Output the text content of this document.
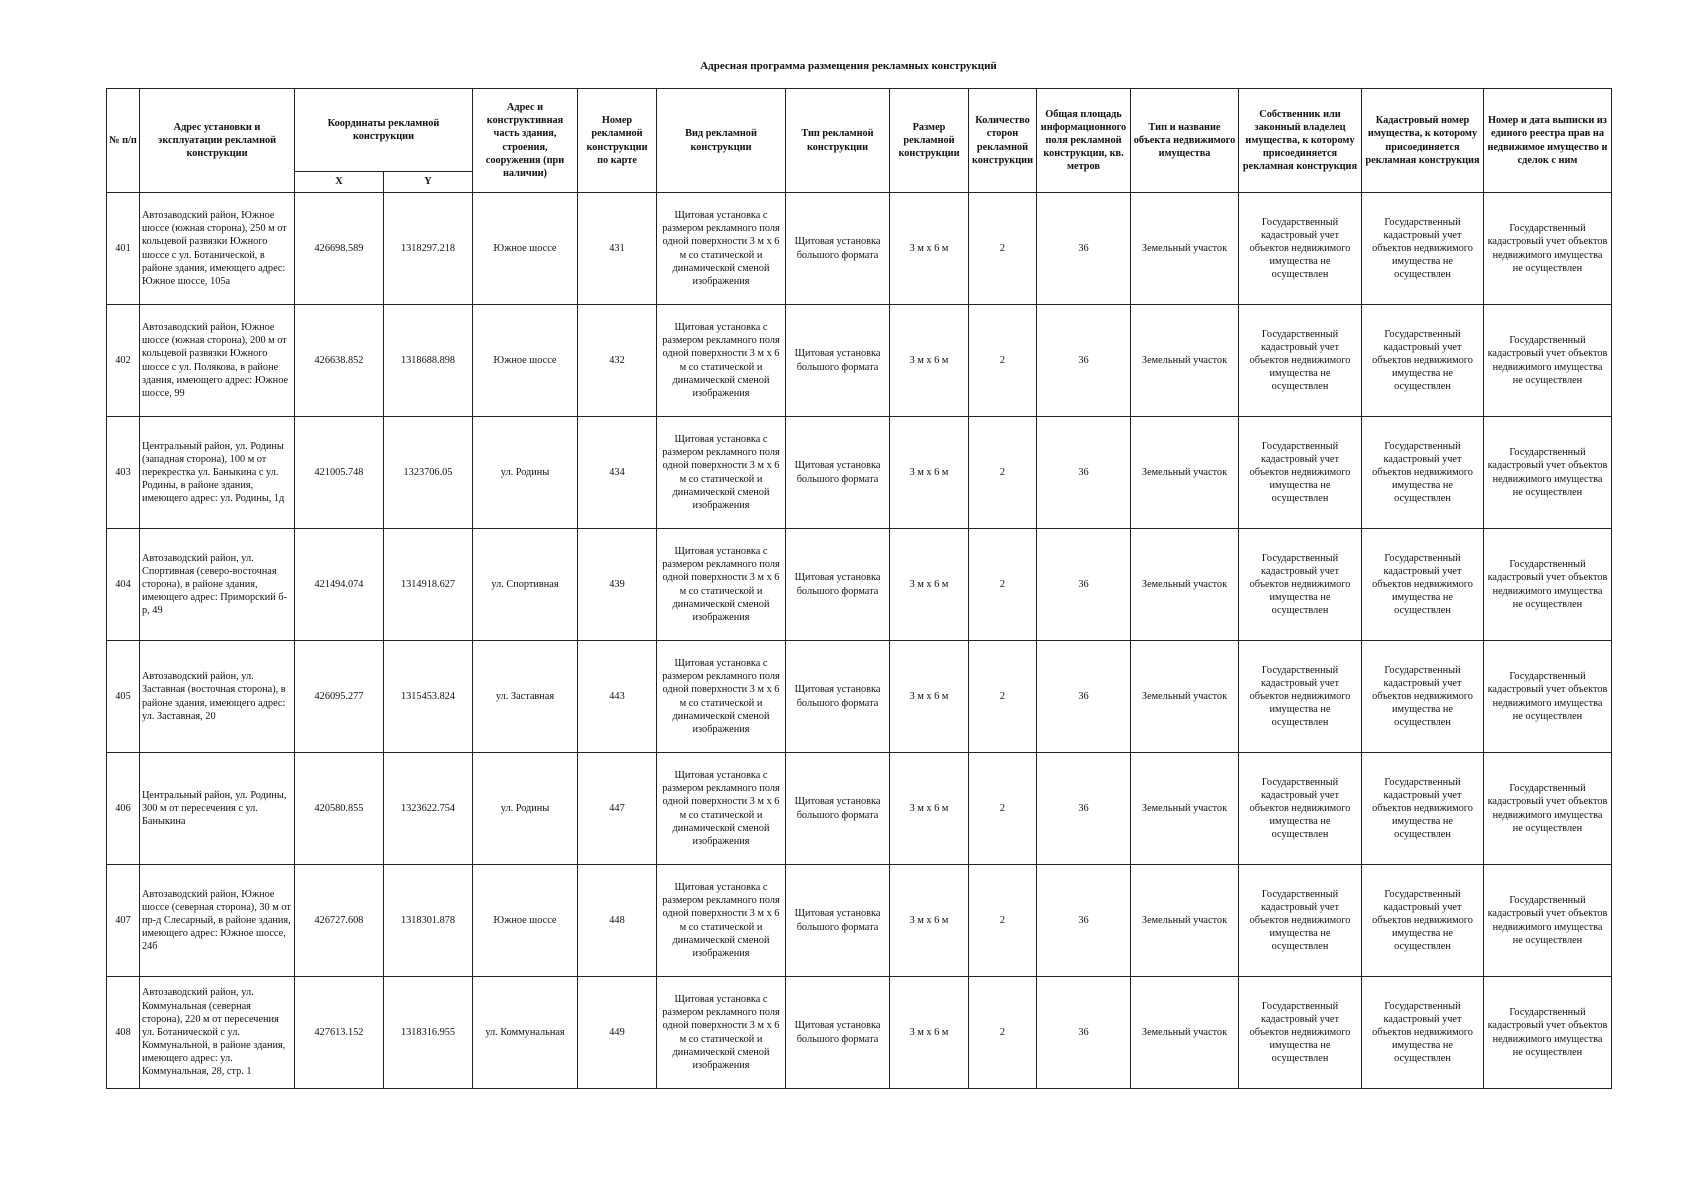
Адресная программа размещения рекламных конструкций
№ п/п	Адрес установки и эксплуатации рекламной конструкции	Координаты рекламной конструкции		Адрес и конструктивная часть здания, строения, сооружения (при наличии)	Номер рекламной конструкции по карте	Вид рекламной конструкции	Тип рекламной конструкции	Размер рекламной конструкции	Количество сторон рекламной конструкции	Общая площадь информационного поля рекламной конструкции, кв. метров	Тип и название объекта недвижимого имущества	Собственник или законный владелец имущества, к которому присоединяется рекламная конструкция	Кадастровый номер имущества, к которому присоединяется рекламная конструкция	Номер и дата выписки из единого реестра прав на недвижимое имущество и сделок с ним
		X	Y											
401	Автозаводский район, Южное шоссе (южная сторона), 250 м от кольцевой развязки Южного шоссе с ул. Ботанической, в районе здания, имеющего адрес: Южное шоссе, 105а	426698.589	1318297.218	Южное шоссе	431	Щитовая установка с размером рекламного поля одной поверхности 3 м х 6 м со статической и динамической сменой изображения	Щитовая установка большого формата	3 м х 6 м	2	36	Земельный участок	Государственный кадастровый учет объектов недвижимого имущества не осуществлен	Государственный кадастровый учет объектов недвижимого имущества не осуществлен	Государственный кадастровый учет объектов недвижимого имущества не осуществлен
402	Автозаводский район, Южное шоссе (южная сторона), 200 м от кольцевой развязки Южного шоссе с ул. Полякова, в районе здания, имеющего адрес: Южное шоссе, 99	426638.852	1318688.898	Южное шоссе	432	Щитовая установка с размером рекламного поля одной поверхности 3 м х 6 м со статической и динамической сменой изображения	Щитовая установка большого формата	3 м х 6 м	2	36	Земельный участок	Государственный кадастровый учет объектов недвижимого имущества не осуществлен	Государственный кадастровый учет объектов недвижимого имущества не осуществлен	Государственный кадастровый учет объектов недвижимого имущества не осуществлен
403	Центральный район, ул. Родины (западная сторона), 100 м от перекрестка ул. Баныкина с ул. Родины, в районе здания, имеющего адрес: ул. Родины, 1д	421005.748	1323706.05	ул. Родины	434	Щитовая установка с размером рекламного поля одной поверхности 3 м х 6 м со статической и динамической сменой изображения	Щитовая установка большого формата	3 м х 6 м	2	36	Земельный участок	Государственный кадастровый учет объектов недвижимого имущества не осуществлен	Государственный кадастровый учет объектов недвижимого имущества не осуществлен	Государственный кадастровый учет объектов недвижимого имущества не осуществлен
404	Автозаводский район, ул. Спортивная (северо-восточная сторона), в районе здания, имеющего адрес: Приморский б-р, 49	421494.074	1314918.627	ул. Спортивная	439	Щитовая установка с размером рекламного поля одной поверхности 3 м х 6 м со статической и динамической сменой изображения	Щитовая установка большого формата	3 м х 6 м	2	36	Земельный участок	Государственный кадастровый учет объектов недвижимого имущества не осуществлен	Государственный кадастровый учет объектов недвижимого имущества не осуществлен	Государственный кадастровый учет объектов недвижимого имущества не осуществлен
405	Автозаводский район, ул. Заставная (восточная сторона), в районе здания, имеющего адрес: ул. Заставная, 20	426095.277	1315453.824	ул. Заставная	443	Щитовая установка с размером рекламного поля одной поверхности 3 м х 6 м со статической и динамической сменой изображения	Щитовая установка большого формата	3 м х 6 м	2	36	Земельный участок	Государственный кадастровый учет объектов недвижимого имущества не осуществлен	Государственный кадастровый учет объектов недвижимого имущества не осуществлен	Государственный кадастровый учет объектов недвижимого имущества не осуществлен
406	Центральный район, ул. Родины, 300 м от пересечения с ул. Баныкина	420580.855	1323622.754	ул. Родины	447	Щитовая установка с размером рекламного поля одной поверхности 3 м х 6 м со статической и динамической сменой изображения	Щитовая установка большого формата	3 м х 6 м	2	36	Земельный участок	Государственный кадастровый учет объектов недвижимого имущества не осуществлен	Государственный кадастровый учет объектов недвижимого имущества не осуществлен	Государственный кадастровый учет объектов недвижимого имущества не осуществлен
407	Автозаводский район, Южное шоссе (северная сторона), 30 м от пр-д Слесарный, в районе здания, имеющего адрес: Южное шоссе, 24б	426727.608	1318301.878	Южное шоссе	448	Щитовая установка с размером рекламного поля одной поверхности 3 м х 6 м со статической и динамической сменой изображения	Щитовая установка большого формата	3 м х 6 м	2	36	Земельный участок	Государственный кадастровый учет объектов недвижимого имущества не осуществлен	Государственный кадастровый учет объектов недвижимого имущества не осуществлен	Государственный кадастровый учет объектов недвижимого имущества не осуществлен
408	Автозаводский район, ул. Коммунальная (северная сторона), 220 м от пересечения ул. Ботанической с ул. Коммунальной, в районе здания, имеющего адрес: ул. Коммунальная, 28, стр. 1	427613.152	1318316.955	ул. Коммунальная	449	Щитовая установка с размером рекламного поля одной поверхности 3 м х 6 м со статической и динамической сменой изображения	Щитовая установка большого формата	3 м х 6 м	2	36	Земельный участок	Государственный кадастровый учет объектов недвижимого имущества не осуществлен	Государственный кадастровый учет объектов недвижимого имущества не осуществлен	Государственный кадастровый учет объектов недвижимого имущества не осуществлен
